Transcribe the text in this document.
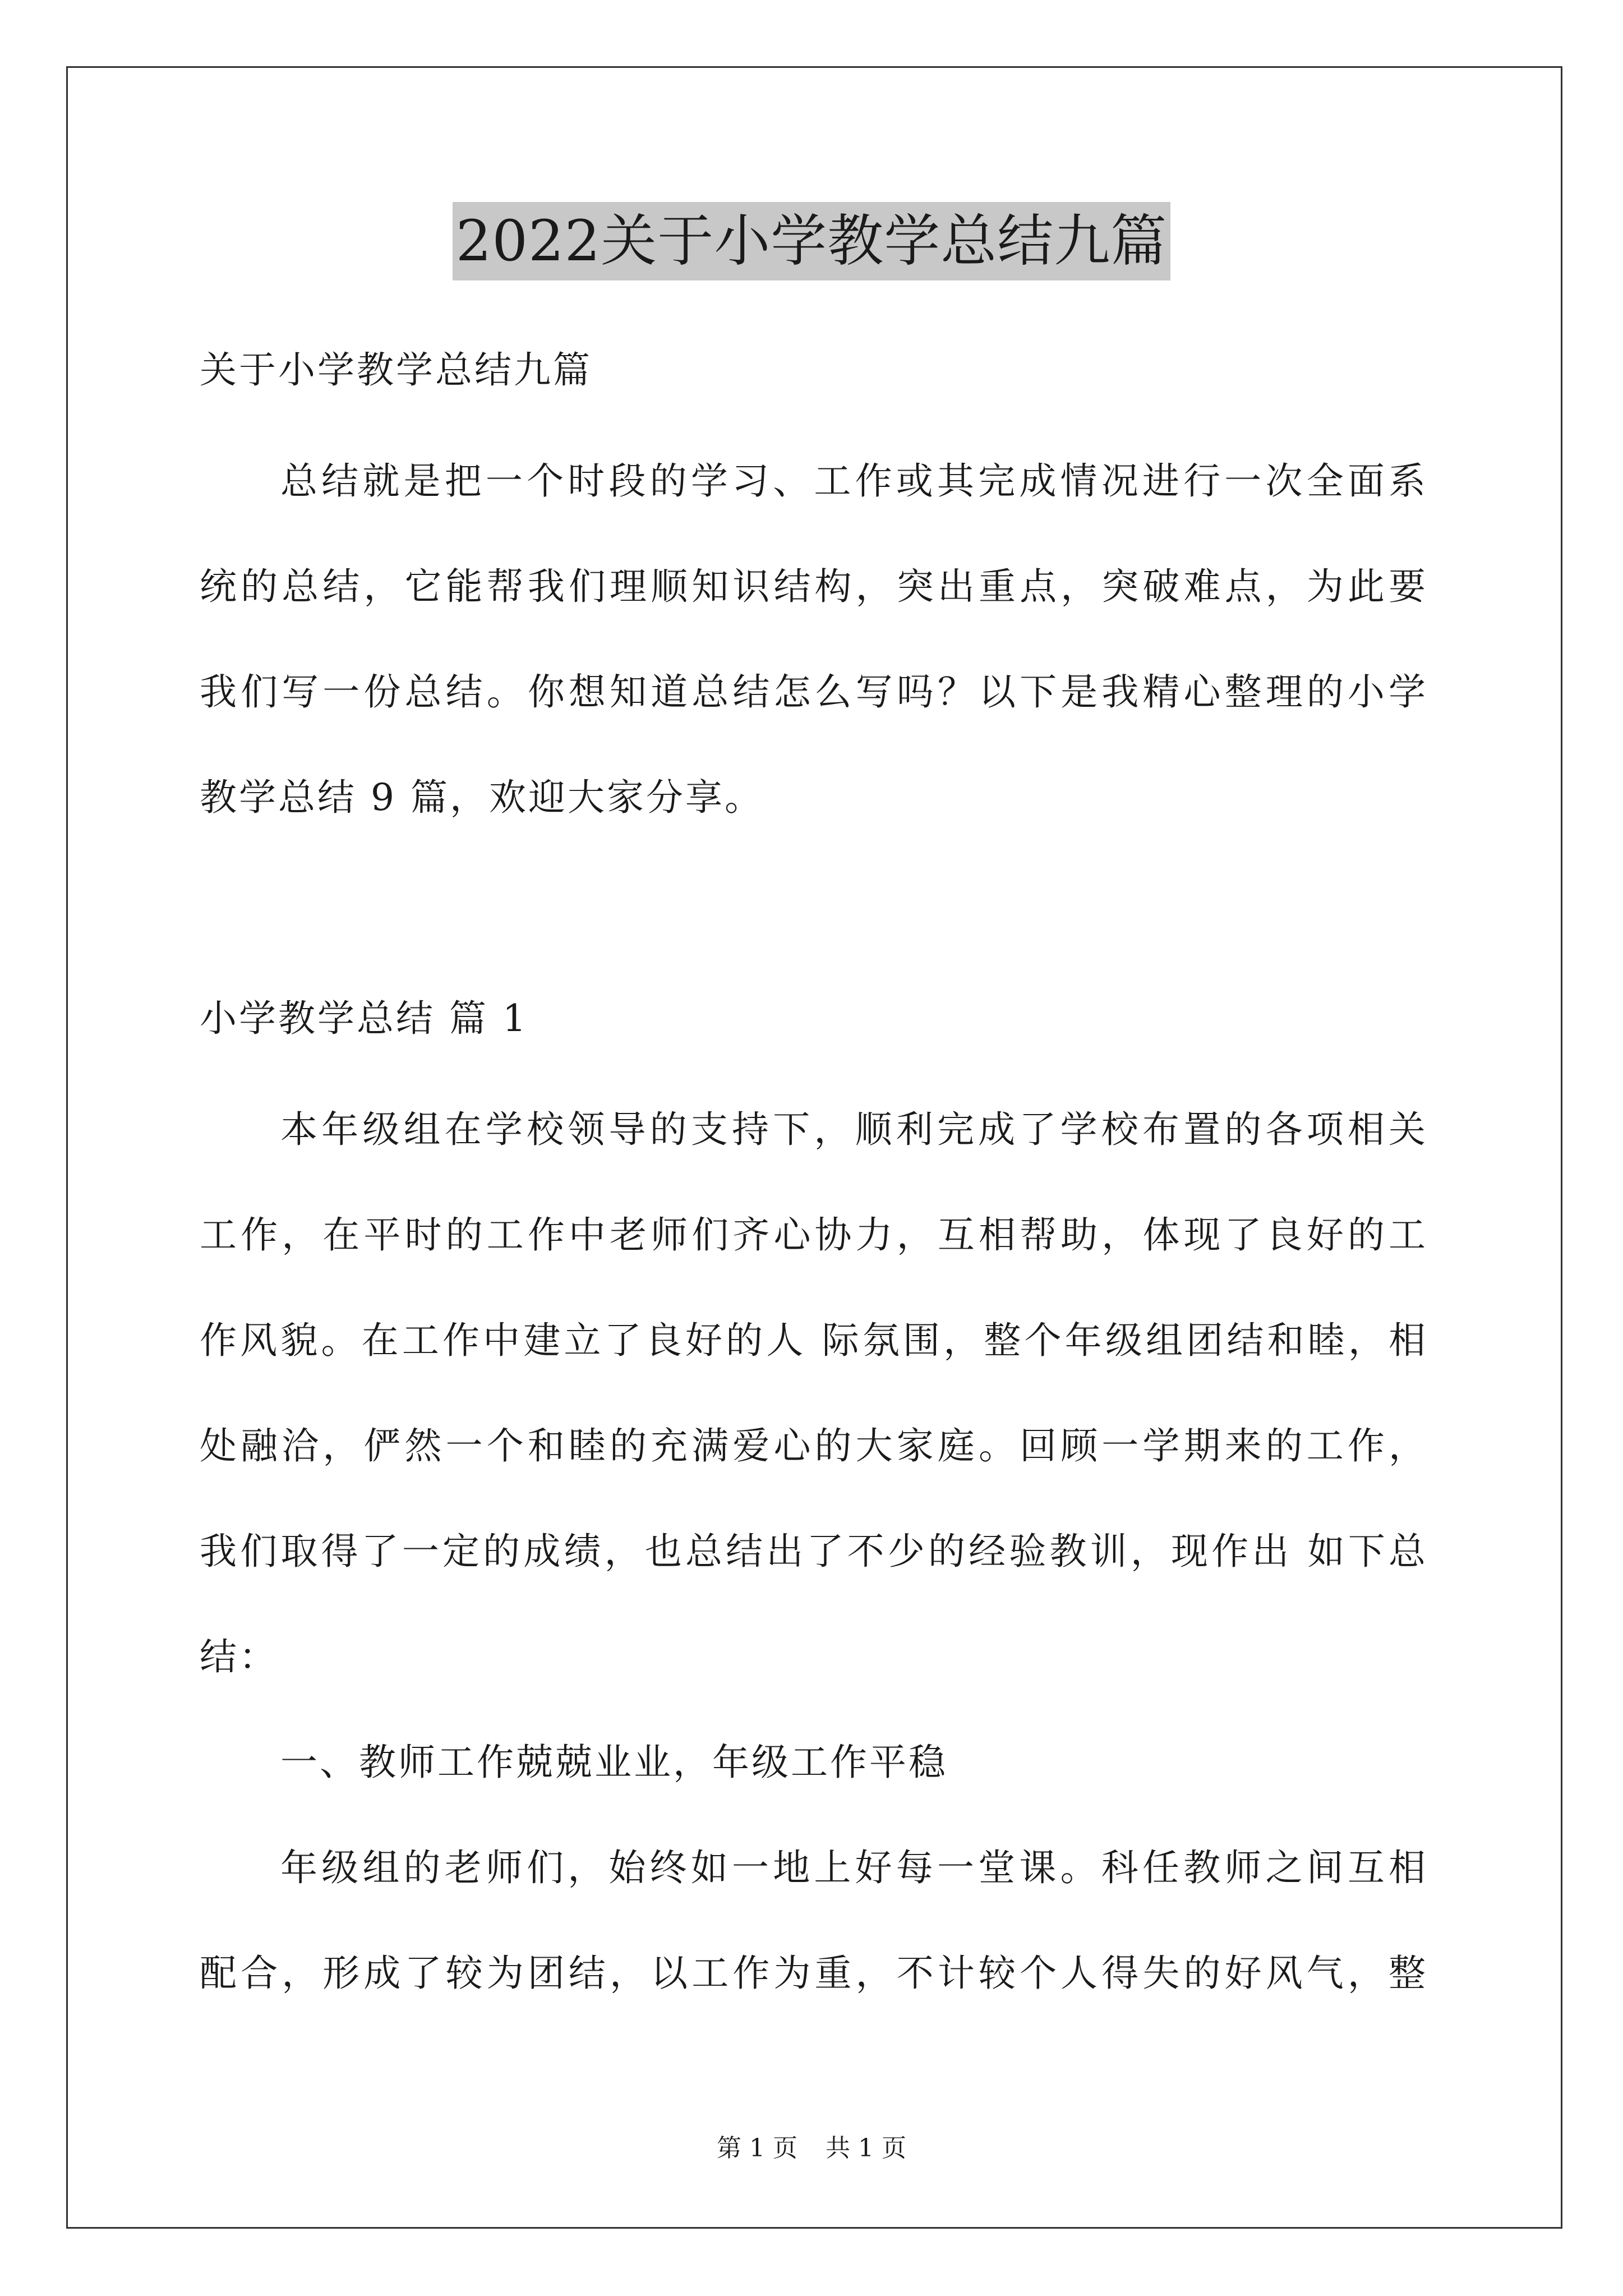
2022关于小学教学总结九篇
关于小学教学总结九篇
总结就是把一个时段的学习、工作或其完成情况进行一次全面系
统的总结，它能帮我们理顺知识结构，突出重点，突破难点，为此要
我们写一份总结。你想知道总结怎么写吗？以下是我精心整理的小学
教学总结 9 篇，欢迎大家分享。
小学教学总结 篇 1
本年级组在学校领导的支持下，顺利完成了学校布置的各项相关
工作，在平时的工作中老师们齐心协力，互相帮助，体现了良好的工
作风貌。在工作中建立了良好的人 际氛围，整个年级组团结和睦，相
处融洽，俨然一个和睦的充满爱心的大家庭。回顾一学期来的工作，
我们取得了一定的成绩，也总结出了不少的经验教训，现作出 如下总
结：
一、教师工作兢兢业业，年级工作平稳
年级组的老师们，始终如一地上好每一堂课。科任教师之间互相
配合，形成了较为团结，以工作为重，不计较个人得失的好风气，整
第 1 页 共 1 页
